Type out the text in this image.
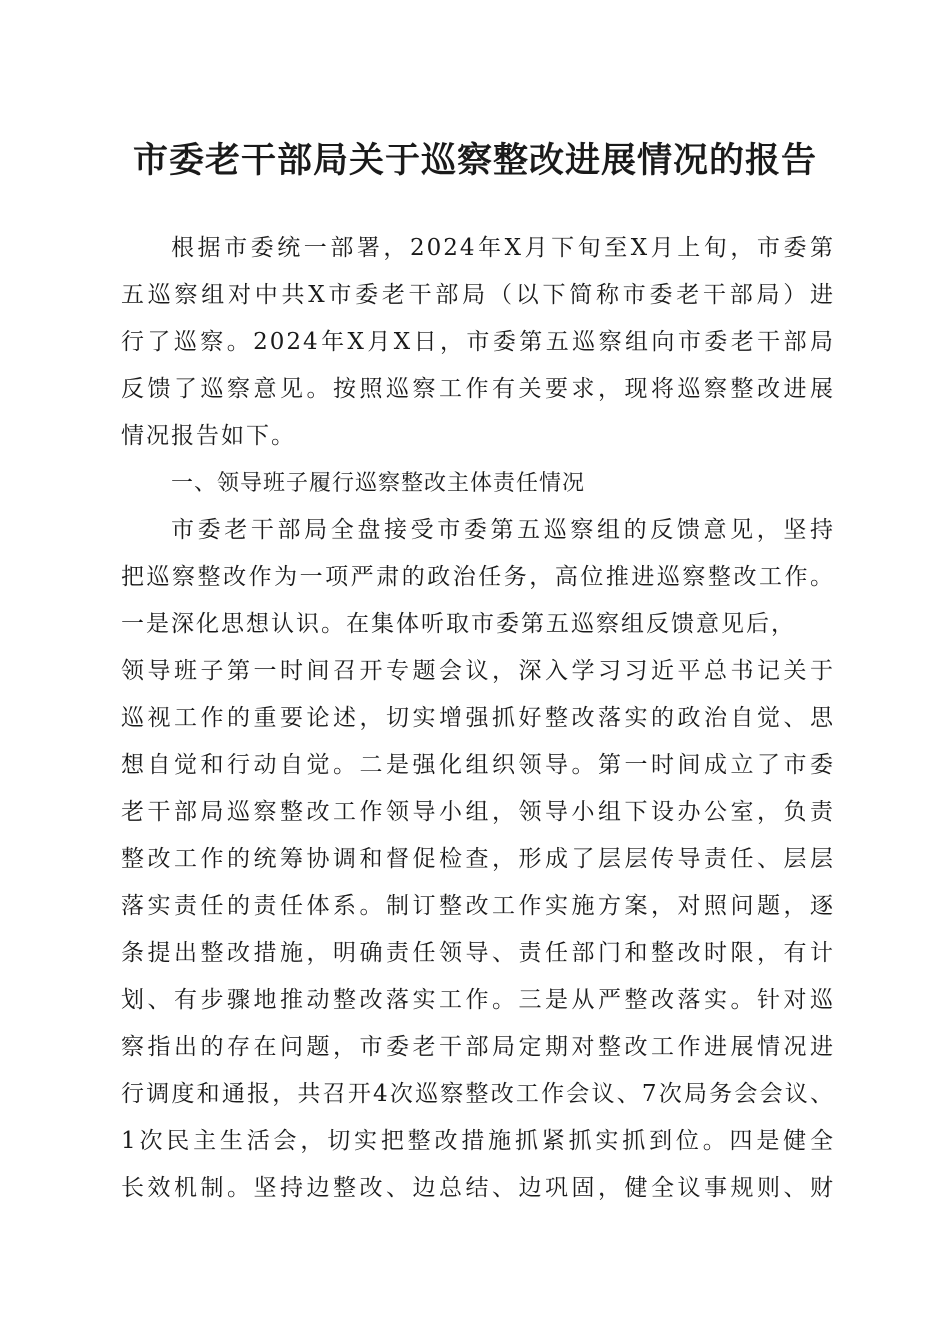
市委老干部局关于巡察整改进展情况的报告
根据市委统一部署，2024年X月下旬至X月上旬，市委第
五巡察组对中共X市委老干部局（以下简称市委老干部局）进
行了巡察。2024年X月X日，市委第五巡察组向市委老干部局
反馈了巡察意见。按照巡察工作有关要求，现将巡察整改进展
情况报告如下。
一、领导班子履行巡察整改主体责任情况
市委老干部局全盘接受市委第五巡察组的反馈意见，坚持
把巡察整改作为一项严肃的政治任务，高位推进巡察整改工作。
一是深化思想认识。在集体听取市委第五巡察组反馈意见后，
领导班子第一时间召开专题会议，深入学习习近平总书记关于
巡视工作的重要论述，切实增强抓好整改落实的政治自觉、思
想自觉和行动自觉。二是强化组织领导。第一时间成立了市委
老干部局巡察整改工作领导小组，领导小组下设办公室，负责
整改工作的统筹协调和督促检查，形成了层层传导责任、层层
落实责任的责任体系。制订整改工作实施方案，对照问题，逐
条提出整改措施，明确责任领导、责任部门和整改时限，有计
划、有步骤地推动整改落实工作。三是从严整改落实。针对巡
察指出的存在问题，市委老干部局定期对整改工作进展情况进
行调度和通报，共召开4次巡察整改工作会议、7次局务会会议、
1次民主生活会，切实把整改措施抓紧抓实抓到位。四是健全
长效机制。坚持边整改、边总结、边巩固，健全议事规则、财
